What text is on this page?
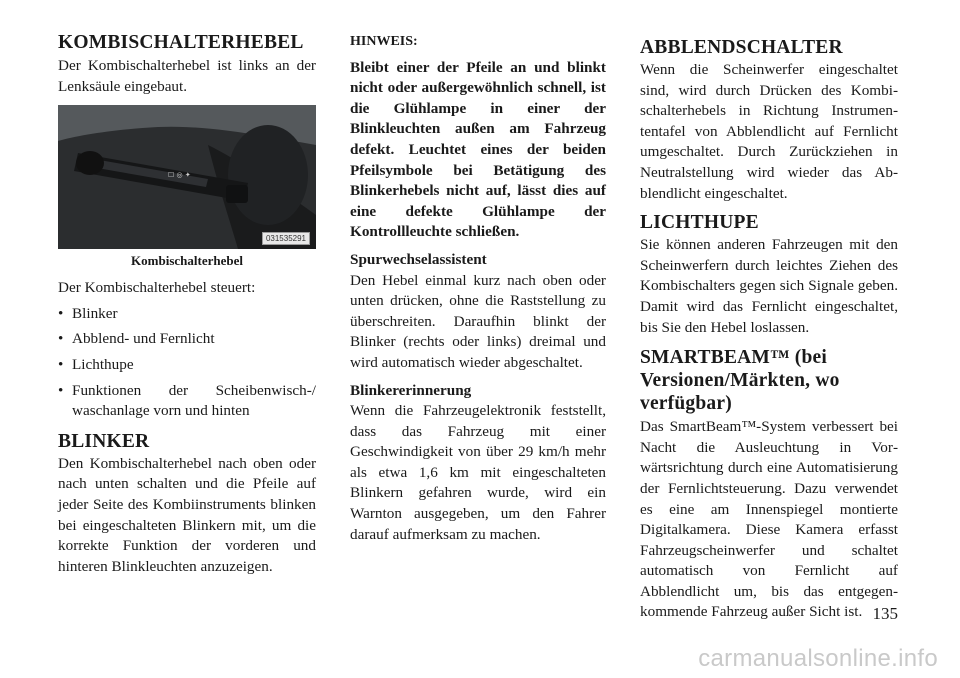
KOMBISCHALTERHEBEL

Der Kombischalterhebel ist links an der Lenksäule eingebaut.

☐ ◎ ✦
031535291
Kombischalterhebel

Der Kombischalterhebel steuert:

• Blinker
• Abblend- und Fernlicht
• Lichthupe
• Funktionen der Scheibenwisch-/ waschanlage vorn und hinten
BLINKER

Den Kombischalterhebel nach oben oder nach unten schalten und die Pfeile auf jeder Seite des Kombiinstruments blinken bei eingeschalteten Blinkern mit, um die korrekte Funktion der vorderen und hinteren Blinkleuchten anzuzeigen.

HINWEIS:

Bleibt einer der Pfeile an und blinkt nicht oder außergewöhnlich schnell, ist die Glühlampe in einer der Blinkleuchten außen am Fahrzeug defekt. Leuchtet eines der beiden Pfeilsymbole bei Betätigung des Blinkerhebels nicht auf, lässt dies auf eine defekte Glühlampe der Kontrollleuchte schließen.

Spurwechselassistent

Den Hebel einmal kurz nach oben oder unten drücken, ohne die Raststellung zu überschreiten. Daraufhin blinkt der Blinker (rechts oder links) dreimal und wird automatisch wieder abgeschaltet.

Blinkererinnerung

Wenn die Fahrzeugelektronik feststellt, dass das Fahrzeug mit einer Geschwindigkeit von über 29 km/h mehr als etwa 1,6 km mit eingeschalteten Blinkern gefahren wurde, wird ein Warnton ausgegeben, um den Fahrer darauf aufmerksam zu machen.

ABBLENDSCHALTER

Wenn die Scheinwerfer eingeschaltet sind, wird durch Drücken des Kombischalterhebels in Richtung Instrumententafel von Abblendlicht auf Fernlicht umgeschaltet. Durch Zurückziehen in Neutralstellung wird wieder das Abblendlicht eingeschaltet.

LICHTHUPE

Sie können anderen Fahrzeugen mit den Scheinwerfern durch leichtes Ziehen des Kombischalters gegen sich Signale geben. Damit wird das Fernlicht eingeschaltet, bis Sie den Hebel loslassen.

SMARTBEAM™ (bei Versionen/Märkten, wo verfügbar)

Das SmartBeam™-System verbessert bei Nacht die Ausleuchtung in Vorwärtsrichtung durch eine Automatisierung der Fernlichtsteuerung. Dazu verwendet es eine am Innenspiegel montierte Digitalkamera. Diese Kamera erfasst Fahrzeugscheinwerfer und schaltet automatisch von Fernlicht auf Abblendlicht um, bis das entgegenkommende Fahrzeug außer Sicht ist. 135
carmanualsonline.info
